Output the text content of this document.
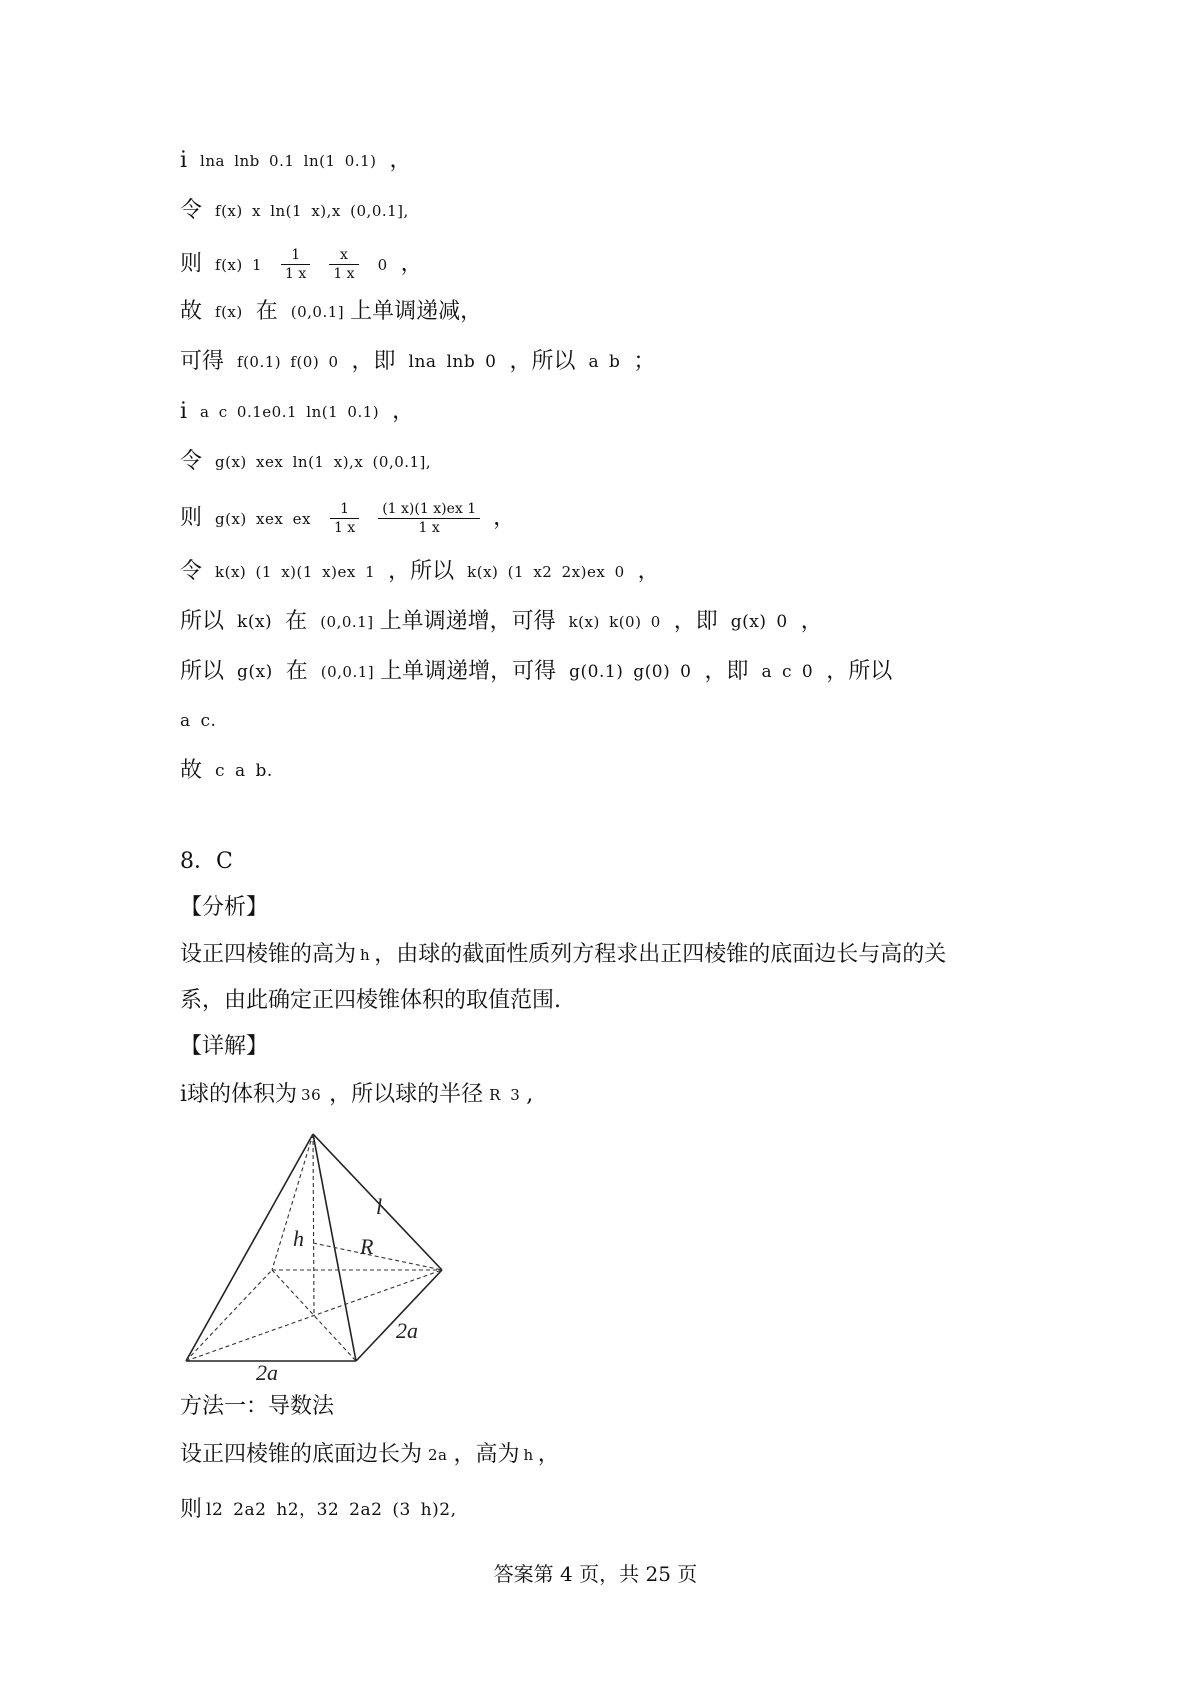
i lna lnb 0.1 ln(1 0.1) ，
令 f(x) x ln(1 x),x (0,0.1],
则 f(x) $1 \frac{1}{1 x}$
$\frac{x}{1 x} 0$ ，
故 f(x) 在 (0,0.1] 上单调递减，
可得 f(0.1) f(0) 0 ，即 lna lnb 0 ，所以 a b ；
i a c 0.1e0.1 ln(1 0.1) ，
令 g(x) xex ln(1 x),x (0,0.1],
则 g(x) xex ex $\frac{1}{1 x}$
$\frac{(1 x)(1 x)ex 1}{1 x}$ ，
令 k(x) (1 x)(1 x)ex 1 ，所以 k(x) (1 x2 2x)ex 0 ，
所以 k(x) 在 (0,0.1] 上单调递增，可得 k(x) k(0) 0 ，即 g(x) 0 ，
所以 g(x) 在 (0,0.1] 上单调递增，可得 g(0.1) g(0) 0 ，即 a c 0 ，所以
a c.
故 c a b.
8．C
【分析】
设正四棱锥的高为 h ，由球的截面性质列方程求出正四棱锥的底面边长与高的关
系，由此确定正四棱锥体积的取值范围.
【详解】
i球的体积为 36 ，所以球的半径 R 3 ,
l
h	R
2a
2a
方法一：导数法
设正四棱锥的底面边长为 2a ，高为 h ，
则 l2 2a2 h2，32 2a2 (3 h)2,
答案第 4 页，共 25 页
